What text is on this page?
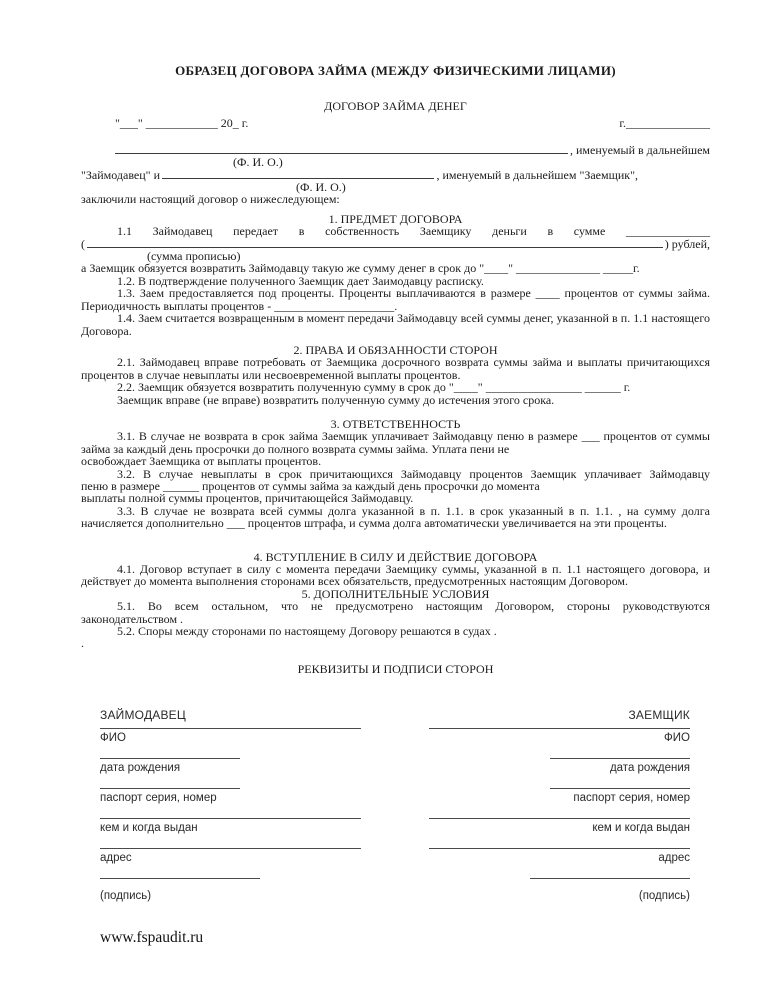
ОБРАЗЕЦ ДОГОВОРА ЗАЙМА (МЕЖДУ ФИЗИЧЕСКИМИ ЛИЦАМИ)
ДОГОВОР ЗАЙМА ДЕНЕГ
"___" ____________ 20_ г.	г.______________
, именуемый в дальнейшем
(Ф. И. О.)
"Займодавец" и	, именуемый в дальнейшем "Заемщик",
(Ф. И. О.)
заключили настоящий договор о нижеследующем:
1. ПРЕДМЕТ ДОГОВОРА
1.1 Займодавец передает в собственность Заемщику деньги в сумме ______________
(	) рублей,
(сумма прописью)
а Заемщик обязуется возвратить Займодавцу такую же сумму денег в срок до "____" ______________ _____г.
1.2. В подтверждение полученного Заемщик дает Заимодавцу расписку.
1.3. Заем предоставляется под проценты. Проценты выплачиваются в размере ____ процентов от суммы займа.
Периодичность выплаты процентов - ____________________.
1.4. Заем считается возвращенным в момент передачи Займодавцу всей суммы денег, указанной в п. 1.1 настоящего
Договора.
2. ПРАВА И ОБЯЗАННОСТИ СТОРОН
2.1. Займодавец вправе потребовать от Заемщика досрочного возврата суммы займа и выплаты причитающихся
процентов в случае невыплаты или несвоевременной выплаты процентов.
2.2. Заемщик обязуется возвратить полученную сумму в срок до "____" ________________ ______ г.
Заемщик вправе (не вправе) возвратить полученную сумму до истечения этого срока.
3. ОТВЕТСТВЕННОСТЬ
3.1. В случае не возврата в срок займа Заемщик уплачивает Займодавцу пеню в размере ___ процентов от суммы
займа за каждый день просрочки до полного возврата суммы займа. Уплата пени не
освобождает Заемщика от выплаты процентов.
3.2. В случае невыплаты в срок причитающихся Займодавцу процентов Заемщик уплачивает Займодавцу
пеню в размере ______ процентов от суммы займа за каждый день просрочки до момента
выплаты полной суммы процентов, причитающейся Займодавцу.
3.3. В случае не возврата всей суммы долга указанной в п. 1.1. в срок указанный в п. 1.1. , на сумму долга
начисляется дополнительно ___ процентов штрафа, и сумма долга автоматически увеличивается на эти проценты.
4. ВСТУПЛЕНИЕ В СИЛУ И ДЕЙСТВИЕ ДОГОВОРА
4.1. Договор вступает в силу с момента передачи Заемщику суммы, указанной в п. 1.1 настоящего договора, и
действует до момента выполнения сторонами всех обязательств, предусмотренных настоящим Договором.
5. ДОПОЛНИТЕЛЬНЫЕ УСЛОВИЯ
5.1. Во всем остальном, что не предусмотрено настоящим Договором, стороны руководствуются
законодательством .
5.2. Споры между сторонами по настоящему Договору решаются в судах .
.
РЕКВИЗИТЫ И ПОДПИСИ СТОРОН
ЗАЙМОДАВЕЦ
ФИО
дата рождения
паспорт серия, номер
кем и когда выдан
адрес
(подпись)
ЗАЕМЩИК
ФИО
дата рождения
паспорт серия, номер
кем и когда выдан
адрес
(подпись)
www.fspaudit.ru
